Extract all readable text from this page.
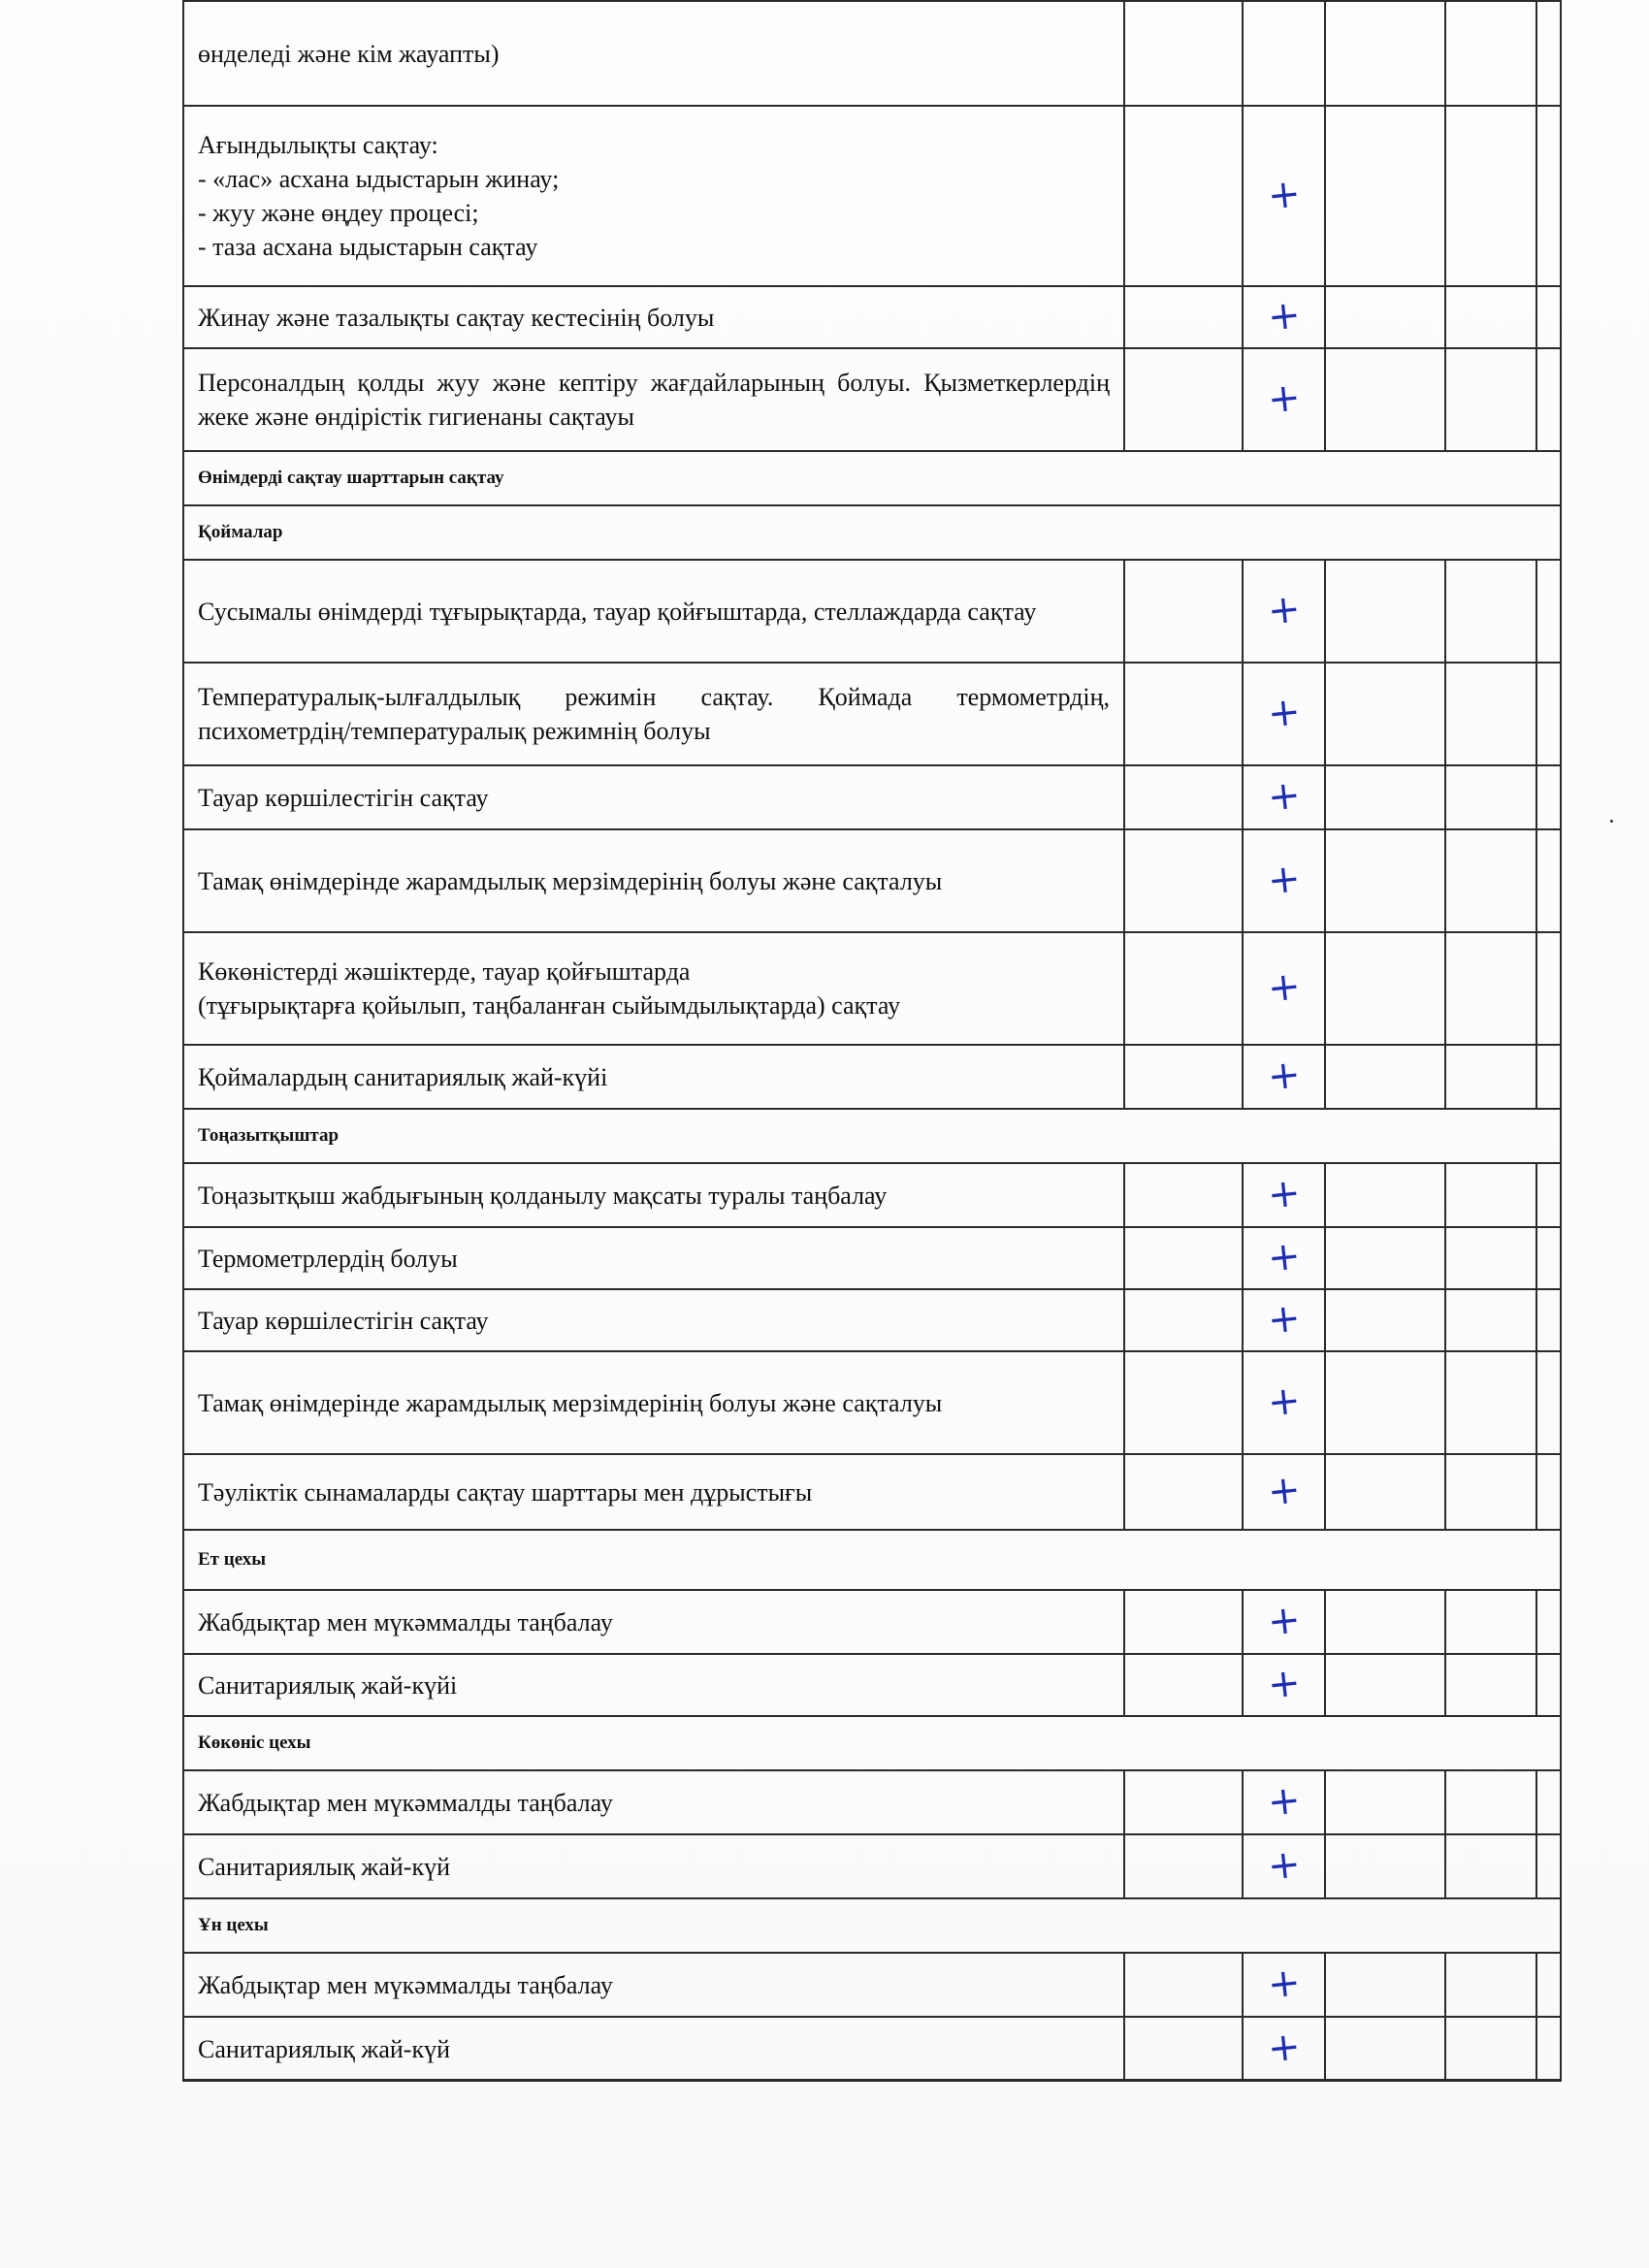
өнделеді және кім жауапты)					

Ағындылықты сақтау:
- «лас» асхана ыдыстарын жинау;
- жуу және өңдеу процесі;
- таза асхана ыдыстарын сақтау		+			
Жинау және тазалықты сақтау кестесінің болуы		+			
Персоналдың қолды жуу және кептіру жағдайларының болуы. Қызметкерлердің жеке және өндірістік гигиенаны сақтауы		+			
Өнімдерді сақтау шарттарын сақтау					
Қоймалар					
Сусымалы өнімдерді тұғырықтарда, тауар қойғыштарда, стеллаждарда сақтау		+			
Температуралық-ылғалдылық режимін сақтау. Қоймада термометрдің, психометрдің/температуралық режимнің болуы		+			
Тауар көршілестігін сақтау		+			
Тамақ өнімдерінде жарамдылық мерзімдерінің болуы және сақталуы		+			

Көкөністерді жәшіктерде, тауар қойғыштарда
(тұғырықтарға қойылып, таңбаланған сыйымдылықтарда) сақтау		+			
Қоймалардың санитариялық жай-күйі		+			
Тоңазытқыштар					
Тоңазытқыш жабдығының қолданылу мақсаты туралы таңбалау		+			
Термометрлердің болуы		+			
Тауар көршілестігін сақтау		+			
Тамақ өнімдерінде жарамдылық мерзімдерінің болуы және сақталуы		+			
Тәуліктік сынамаларды сақтау шарттары мен дұрыстығы		+			
Ет цехы					
Жабдықтар мен мүкәммалды таңбалау		+			
Санитариялық жай-күйі		+			
Көкөніс цехы					
Жабдықтар мен мүкәммалды таңбалау		+			
Санитариялық жай-күй		+			
Ұн цехы					
Жабдықтар мен мүкәммалды таңбалау		+			
Санитариялық жай-күй		+			
